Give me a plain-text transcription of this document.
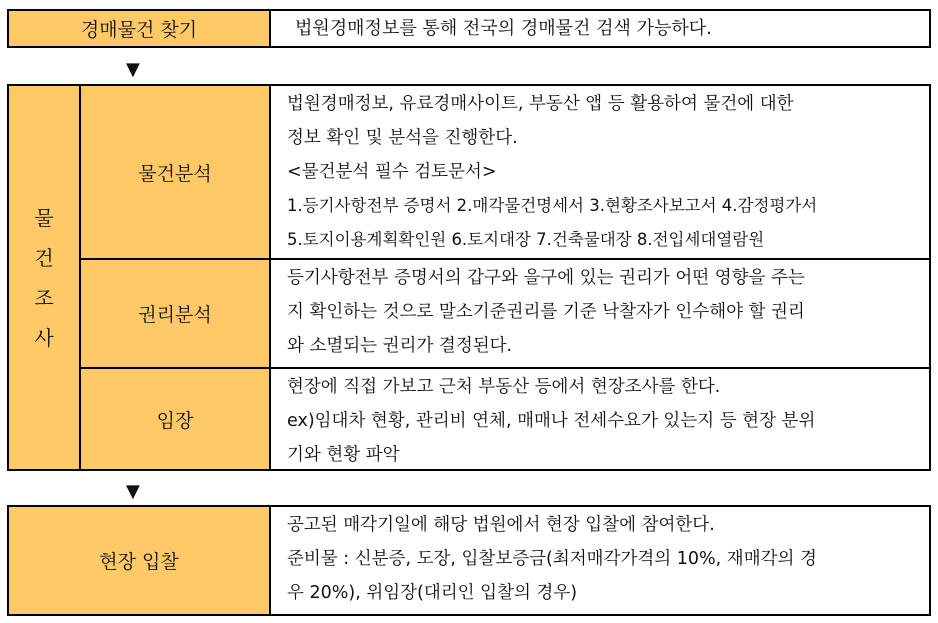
경매물건 찾기	법원경매정보를 통해 전국의 경매물건 검색 가능하다.
▼
물
건
조
사
물건분석
법원경매정보, 유료경매사이트, 부동산 앱 등 활용하여 물건에 대한
정보 확인 및 분석을 진행한다.
<물건분석 필수 검토문서>
1.등기사항전부 증명서 2.매각물건명세서 3.현황조사보고서 4.감정평가서
5.토지이용계획확인원 6.토지대장 7.건축물대장 8.전입세대열람원
권리분석
등기사항전부 증명서의 갑구와 을구에 있는 권리가 어떤 영향을 주는
지 확인하는 것으로 말소기준권리를 기준 낙찰자가 인수해야 할 권리
와 소멸되는 권리가 결정된다.
임장
현장에 직접 가보고 근처 부동산 등에서 현장조사를 한다.
ex)임대차 현황, 관리비 연체, 매매나 전세수요가 있는지 등 현장 분위
기와 현황 파악
▼
현장 입찰
공고된 매각기일에 해당 법원에서 현장 입찰에 참여한다.
준비물 : 신분증, 도장, 입찰보증금(최저매각가격의 10%, 재매각의 경
우 20%), 위임장(대리인 입찰의 경우)
